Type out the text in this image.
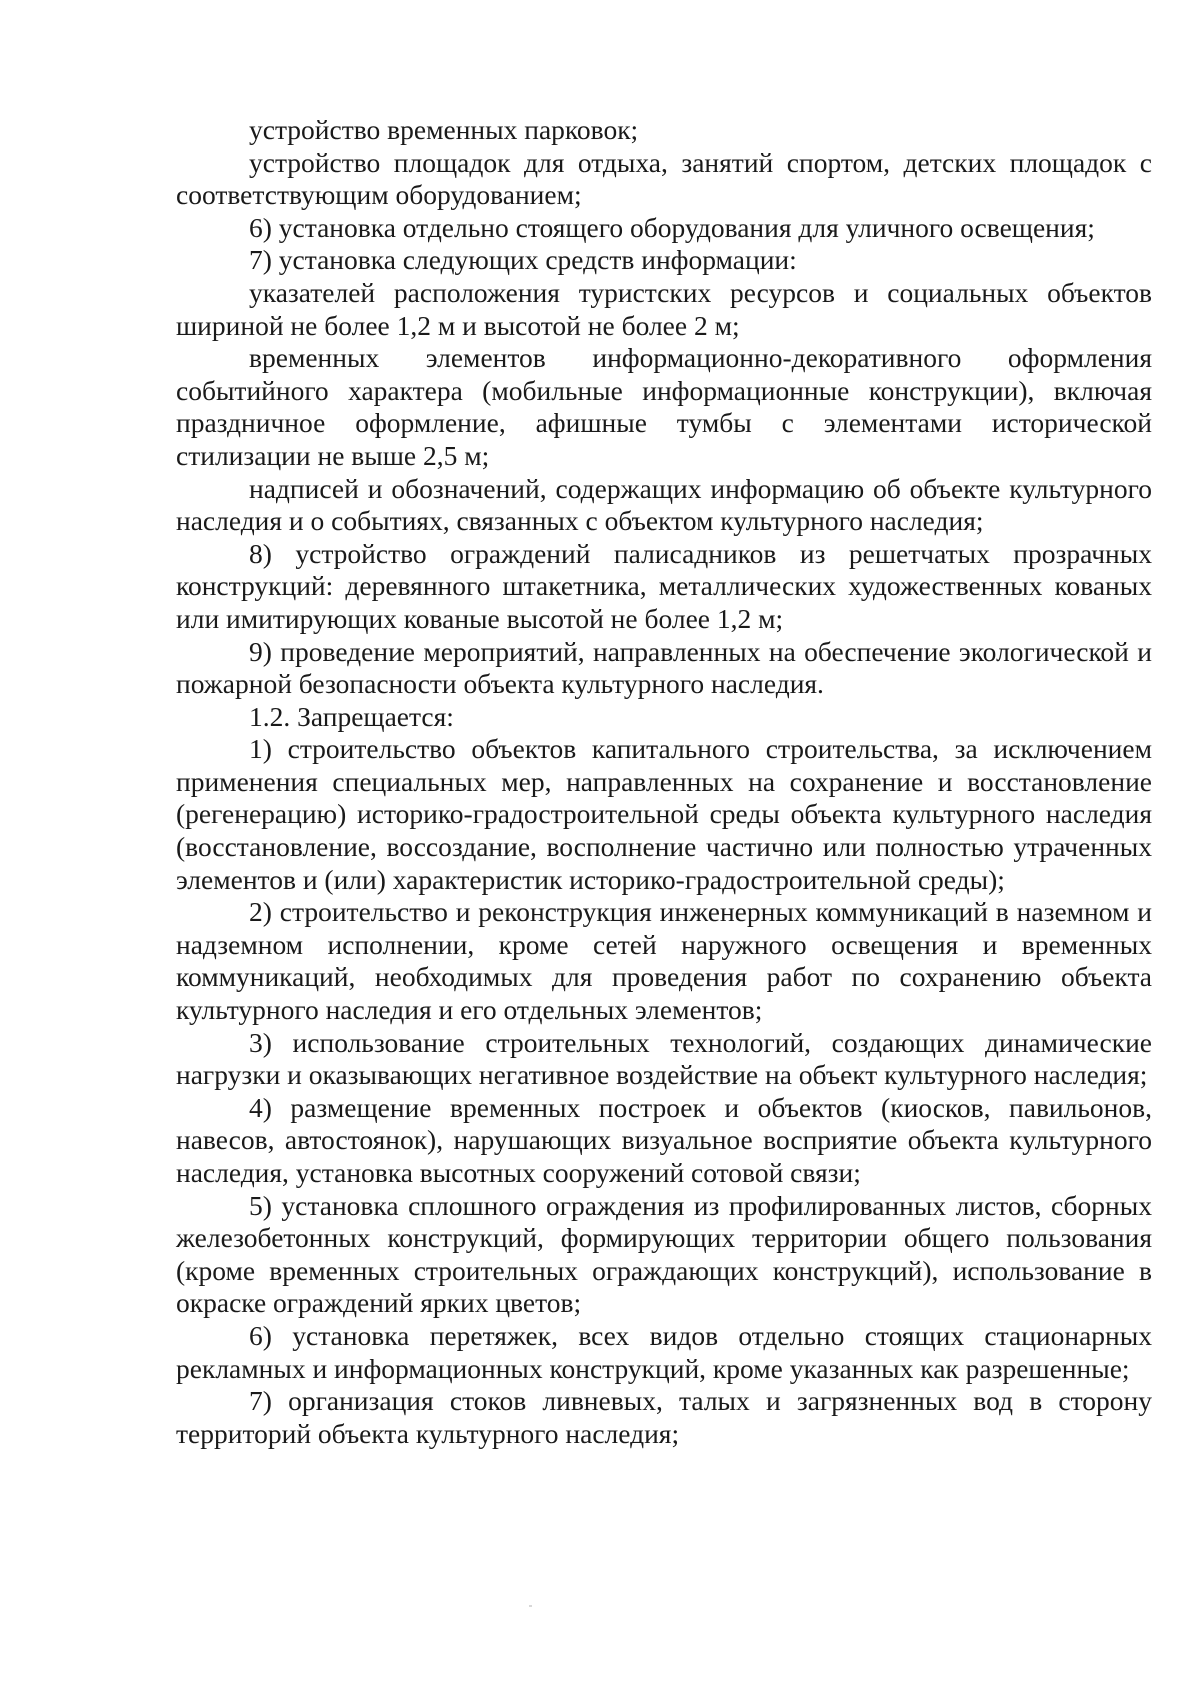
устройство временных парковок;

устройство площадок для отдыха, занятий спортом, детских площадок с соответствующим оборудованием;

6) установка отдельно стоящего оборудования для уличного освещения;

7) установка следующих средств информации:

указателей расположения туристских ресурсов и социальных объектов шириной не более 1,2 м и высотой не более 2 м;

временных элементов информационно-декоративного оформления событийного характера (мобильные информационные конструкции), включая праздничное оформление, афишные тумбы с элементами исторической стилизации не выше 2,5 м;

надписей и обозначений, содержащих информацию об объекте культурного наследия и о событиях, связанных с объектом культурного наследия;

8) устройство ограждений палисадников из решетчатых прозрачных конструкций: деревянного штакетника, металлических художественных кованых или имитирующих кованые высотой не более 1,2 м;

9) проведение мероприятий, направленных на обеспечение экологической и пожарной безопасности объекта культурного наследия.

1.2. Запрещается:

1) строительство объектов капитального строительства, за исключением применения специальных мер, направленных на сохранение и восстановление (регенерацию) историко-градостроительной среды объекта культурного наследия (восстановление, воссоздание, восполнение частично или полностью утраченных элементов и (или) характеристик историко-градостроительной среды);

2) строительство и реконструкция инженерных коммуникаций в наземном и надземном исполнении, кроме сетей наружного освещения и временных коммуникаций, необходимых для проведения работ по сохранению объекта культурного наследия и его отдельных элементов;

3) использование строительных технологий, создающих динамические нагрузки и оказывающих негативное воздействие на объект культурного наследия;

4) размещение временных построек и объектов (киосков, павильонов, навесов, автостоянок), нарушающих визуальное восприятие объекта культурного наследия, установка высотных сооружений сотовой связи;

5) установка сплошного ограждения из профилированных листов, сборных железобетонных конструкций, формирующих территории общего пользования (кроме временных строительных ограждающих конструкций), использование в окраске ограждений ярких цветов;

6) установка перетяжек, всех видов отдельно стоящих стационарных рекламных и информационных конструкций, кроме указанных как разрешенные;

7) организация стоков ливневых, талых и загрязненных вод в сторону территорий объекта культурного наследия;
